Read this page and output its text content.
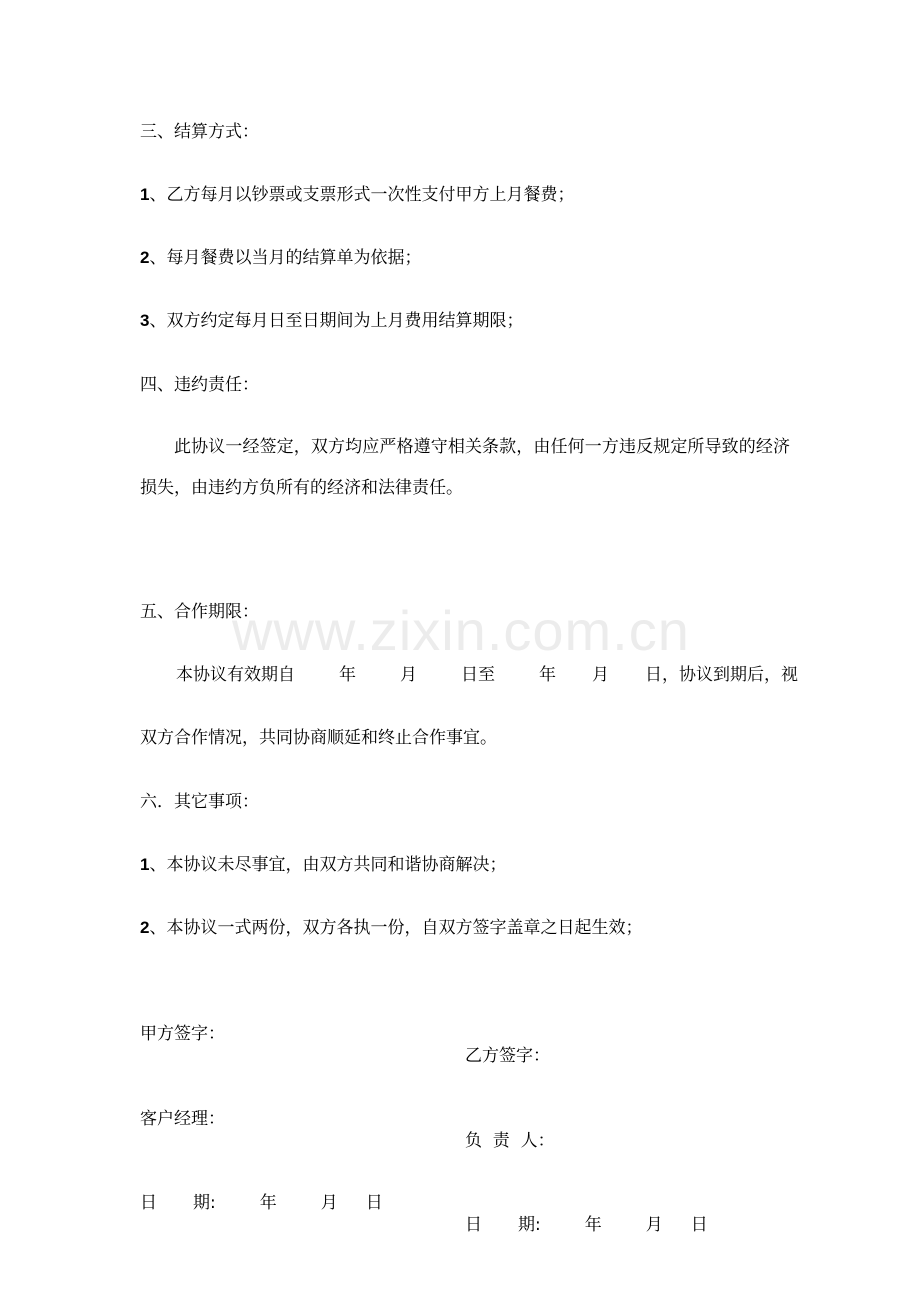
www.zixin.com.cn
三、结算方式：
1、乙方每月以钞票或支票形式一次性支付甲方上月餐费；
2、每月餐费以当月的结算单为依据；
3、双方约定每月日至日期间为上月费用结算期限；
四、违约责任：
此协议一经签定，双方均应严格遵守相关条款，由任何一方违反规定所导致的经济损失，由违约方负所有的经济和法律责任。
五、合作期限：
本协议有效期自	年	月	日至	年 月 日，协议到期后，视
双方合作情况，共同协商顺延和终止合作事宜。
六．其它事项：
1、本协议未尽事宜，由双方共同和谐协商解决；
2、本协议一式两份，双方各执一份，自双方签字盖章之日起生效；
甲方签字：
乙方签字：
客户经理：
负  责  人：
日 期:	年	月 日
日 期:	年	月 日
